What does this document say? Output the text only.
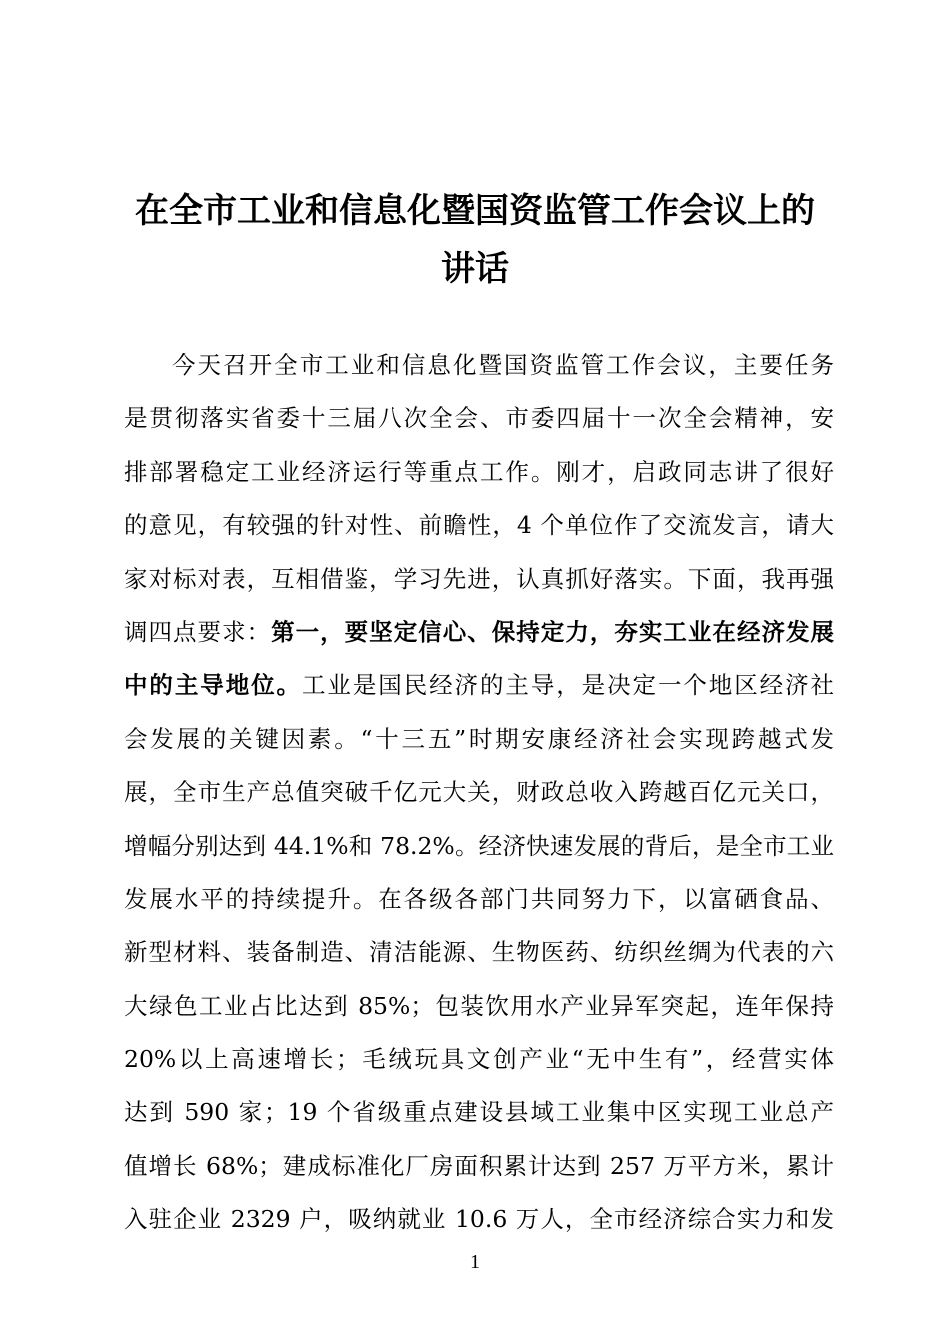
在全市工业和信息化暨国资监管工作会议上的
讲话
今天召开全市工业和信息化暨国资监管工作会议，主要任务
是贯彻落实省委十三届八次全会、市委四届十一次全会精神，安
排部署稳定工业经济运行等重点工作。刚才，启政同志讲了很好
的意见，有较强的针对性、前瞻性，4 个单位作了交流发言，请大
家对标对表，互相借鉴，学习先进，认真抓好落实。下面，我再强
调四点要求：第一，要坚定信心、保持定力，夯实工业在经济发展
中的主导地位。工业是国民经济的主导，是决定一个地区经济社
会发展的关键因素。“十三五”时期安康经济社会实现跨越式发
展，全市生产总值突破千亿元大关，财政总收入跨越百亿元关口，
增幅分别达到 44.1%和 78.2%。经济快速发展的背后，是全市工业
发展水平的持续提升。在各级各部门共同努力下，以富硒食品、
新型材料、装备制造、清洁能源、生物医药、纺织丝绸为代表的六
大绿色工业占比达到 85%；包装饮用水产业异军突起，连年保持
20%以上高速增长；毛绒玩具文创产业“无中生有”，经营实体
达到 590 家；19 个省级重点建设县域工业集中区实现工业总产
值增长 68%；建成标准化厂房面积累计达到 257 万平方米，累计
入驻企业 2329 户，吸纳就业 10.6 万人，全市经济综合实力和发
1
